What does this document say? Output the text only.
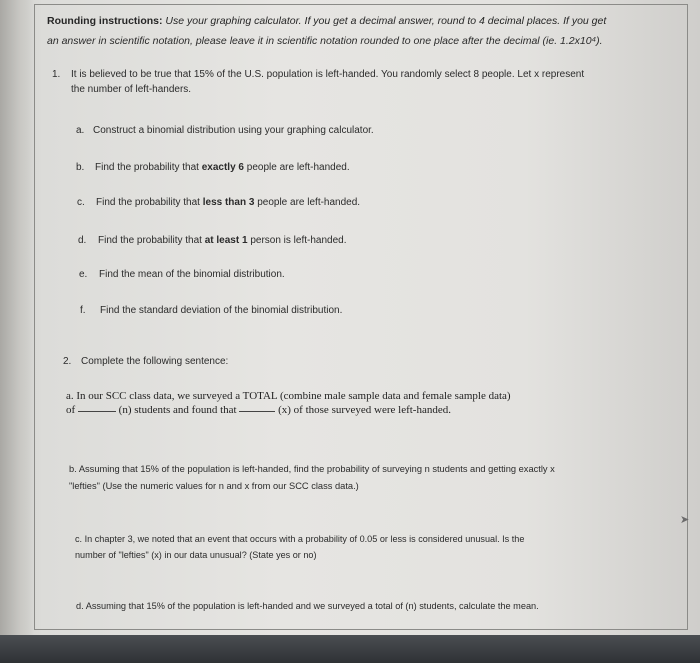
Rounding instructions: Use your graphing calculator. If you get a decimal answer, round to 4 decimal places. If you get
an answer in scientific notation, please leave it in scientific notation rounded to one place after the decimal (ie. 1.2x10⁴).
1. It is believed to be true that 15% of the U.S. population is left-handed. You randomly select 8 people. Let x represent
the number of left-handers.
a. Construct a binomial distribution using your graphing calculator.
b. Find the probability that exactly 6 people are left-handed.
c. Find the probability that less than 3 people are left-handed.
d. Find the probability that at least 1 person is left-handed.
e. Find the mean of the binomial distribution.
f. Find the standard deviation of the binomial distribution.
2. Complete the following sentence:
a. In our SCC class data, we surveyed a TOTAL (combine male sample data and female sample data)
of	(n) students and found that	(x) of those surveyed were left-handed.
b. Assuming that 15% of the population is left-handed, find the probability of surveying n students and getting exactly x
"lefties" (Use the numeric values for n and x from our SCC class data.)
c. In chapter 3, we noted that an event that occurs with a probability of 0.05 or less is considered unusual. Is the
number of "lefties" (x) in our data unusual? (State yes or no)
d. Assuming that 15% of the population is left-handed and we surveyed a total of (n) students, calculate the mean.
➤
